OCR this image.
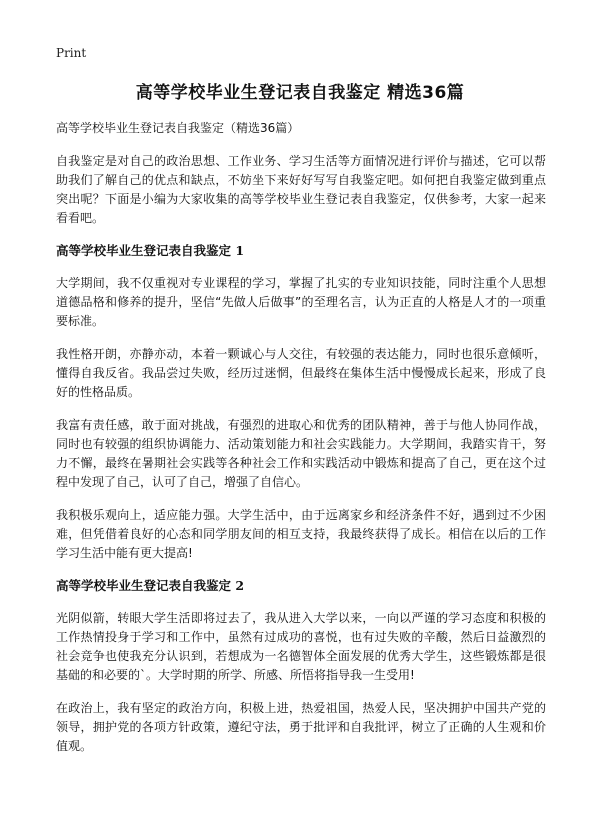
Print
高等学校毕业生登记表自我鉴定 精选36篇
高等学校毕业生登记表自我鉴定（精选36篇）

自我鉴定是对自己的政治思想、工作业务、学习生活等方面情况进行评价与描述，它可以帮助我们了解自己的优点和缺点，不妨坐下来好好写写自我鉴定吧。如何把自我鉴定做到重点突出呢？下面是小编为大家收集的高等学校毕业生登记表自我鉴定，仅供参考，大家一起来看看吧。

高等学校毕业生登记表自我鉴定 1

大学期间，我不仅重视对专业课程的学习，掌握了扎实的专业知识技能，同时注重个人思想道德品格和修养的提升，坚信“先做人后做事”的至理名言，认为正直的人格是人才的一项重要标准。

我性格开朗，亦静亦动，本着一颗诚心与人交往，有较强的表达能力，同时也很乐意倾听，懂得自我反省。我品尝过失败，经历过迷惘，但最终在集体生活中慢慢成长起来，形成了良好的性格品质。

我富有责任感，敢于面对挑战，有强烈的进取心和优秀的团队精神，善于与他人协同作战，同时也有较强的组织协调能力、活动策划能力和社会实践能力。大学期间，我踏实肯干，努力不懈，最终在暑期社会实践等各种社会工作和实践活动中锻炼和提高了自己，更在这个过程中发现了自己，认可了自己，增强了自信心。

我积极乐观向上，适应能力强。大学生活中，由于远离家乡和经济条件不好，遇到过不少困难，但凭借着良好的心态和同学朋友间的相互支持，我最终获得了成长。相信在以后的工作学习生活中能有更大提高!

高等学校毕业生登记表自我鉴定 2

光阴似箭，转眼大学生活即将过去了，我从进入大学以来，一向以严谨的学习态度和积极的工作热情投身于学习和工作中，虽然有过成功的喜悦，也有过失败的辛酸，然后日益激烈的社会竞争也使我充分认识到，若想成为一名德智体全面发展的优秀大学生，这些锻炼都是很基础的和必要的`。大学时期的所学、所感、所悟将指导我一生受用!

在政治上，我有坚定的政治方向，积极上进，热爱祖国，热爱人民，坚决拥护中国共产党的领导，拥护党的各项方针政策，遵纪守法，勇于批评和自我批评，树立了正确的人生观和价值观。
